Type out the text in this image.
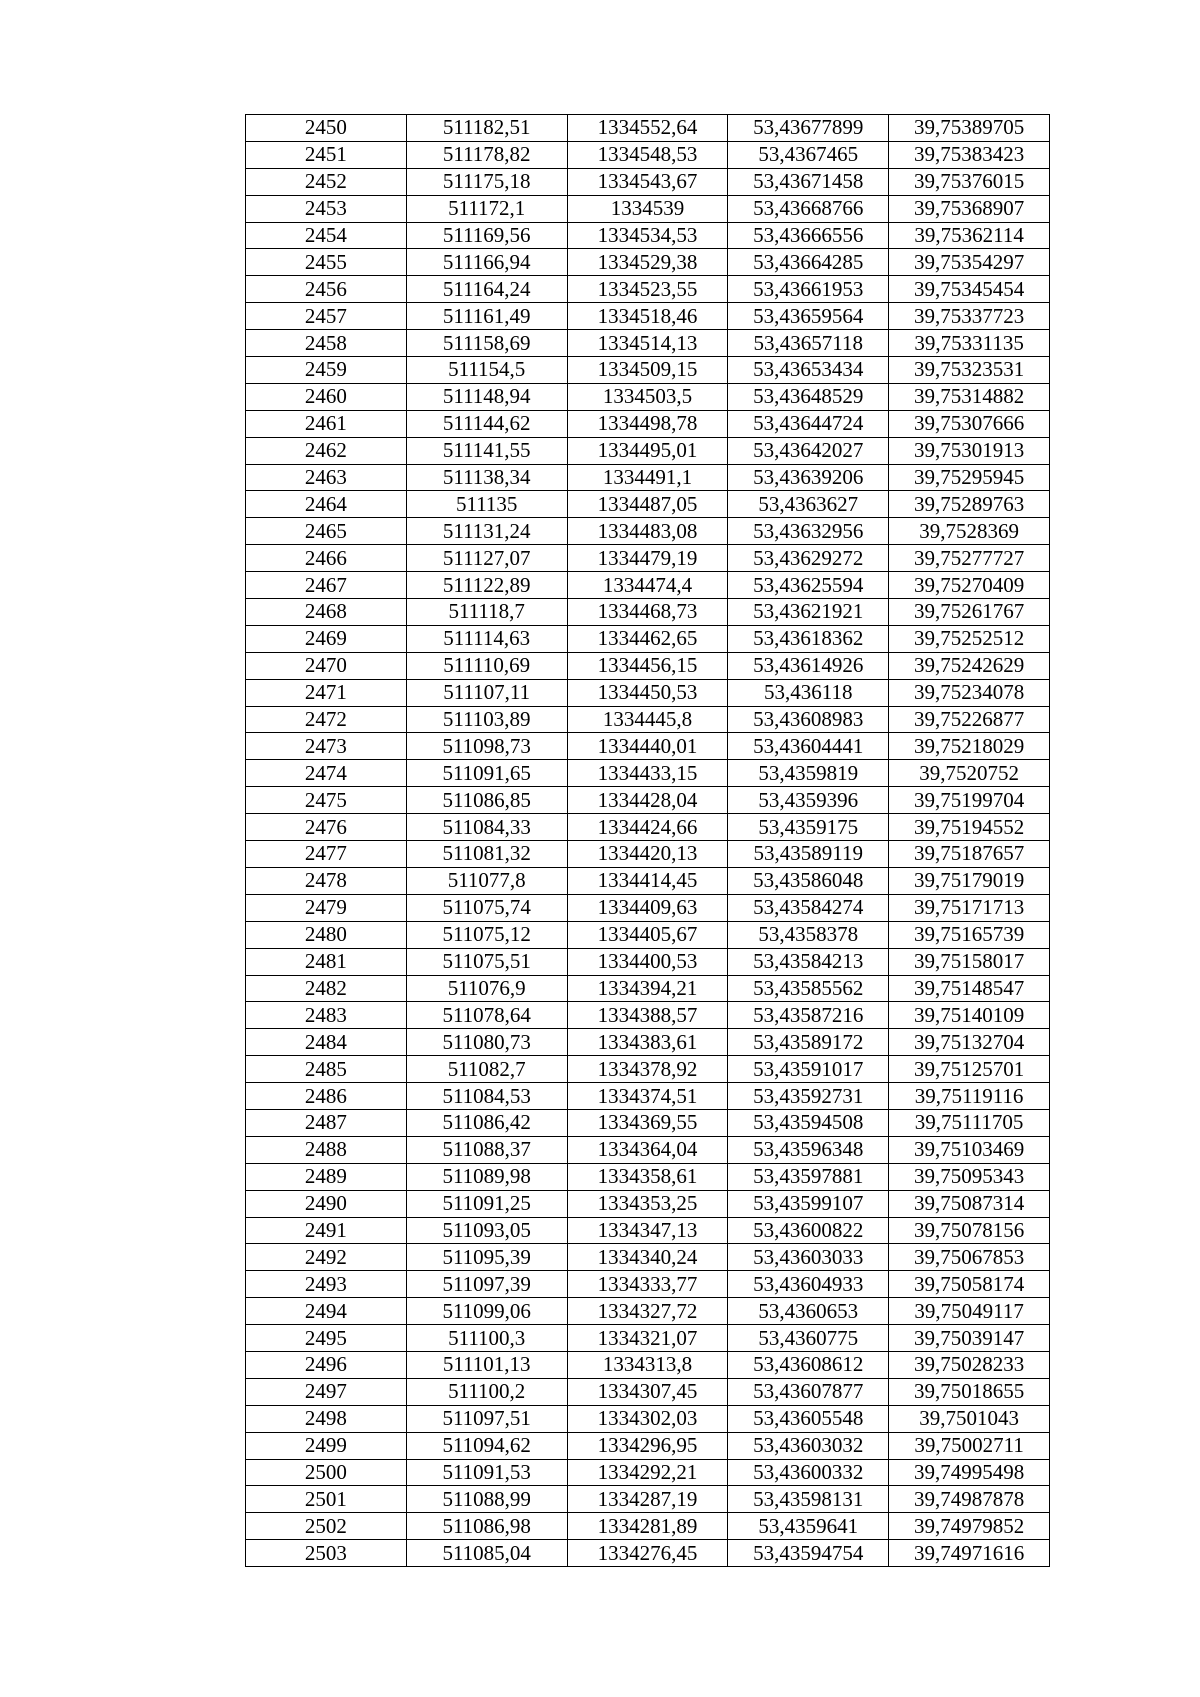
2450	511182,51	1334552,64	53,43677899	39,75389705
2451	511178,82	1334548,53	53,4367465	39,75383423
2452	511175,18	1334543,67	53,43671458	39,75376015
2453	511172,1	1334539	53,43668766	39,75368907
2454	511169,56	1334534,53	53,43666556	39,75362114
2455	511166,94	1334529,38	53,43664285	39,75354297
2456	511164,24	1334523,55	53,43661953	39,75345454
2457	511161,49	1334518,46	53,43659564	39,75337723
2458	511158,69	1334514,13	53,43657118	39,75331135
2459	511154,5	1334509,15	53,43653434	39,75323531
2460	511148,94	1334503,5	53,43648529	39,75314882
2461	511144,62	1334498,78	53,43644724	39,75307666
2462	511141,55	1334495,01	53,43642027	39,75301913
2463	511138,34	1334491,1	53,43639206	39,75295945
2464	511135	1334487,05	53,4363627	39,75289763
2465	511131,24	1334483,08	53,43632956	39,7528369
2466	511127,07	1334479,19	53,43629272	39,75277727
2467	511122,89	1334474,4	53,43625594	39,75270409
2468	511118,7	1334468,73	53,43621921	39,75261767
2469	511114,63	1334462,65	53,43618362	39,75252512
2470	511110,69	1334456,15	53,43614926	39,75242629
2471	511107,11	1334450,53	53,436118	39,75234078
2472	511103,89	1334445,8	53,43608983	39,75226877
2473	511098,73	1334440,01	53,43604441	39,75218029
2474	511091,65	1334433,15	53,4359819	39,7520752
2475	511086,85	1334428,04	53,4359396	39,75199704
2476	511084,33	1334424,66	53,4359175	39,75194552
2477	511081,32	1334420,13	53,43589119	39,75187657
2478	511077,8	1334414,45	53,43586048	39,75179019
2479	511075,74	1334409,63	53,43584274	39,75171713
2480	511075,12	1334405,67	53,4358378	39,75165739
2481	511075,51	1334400,53	53,43584213	39,75158017
2482	511076,9	1334394,21	53,43585562	39,75148547
2483	511078,64	1334388,57	53,43587216	39,75140109
2484	511080,73	1334383,61	53,43589172	39,75132704
2485	511082,7	1334378,92	53,43591017	39,75125701
2486	511084,53	1334374,51	53,43592731	39,75119116
2487	511086,42	1334369,55	53,43594508	39,75111705
2488	511088,37	1334364,04	53,43596348	39,75103469
2489	511089,98	1334358,61	53,43597881	39,75095343
2490	511091,25	1334353,25	53,43599107	39,75087314
2491	511093,05	1334347,13	53,43600822	39,75078156
2492	511095,39	1334340,24	53,43603033	39,75067853
2493	511097,39	1334333,77	53,43604933	39,75058174
2494	511099,06	1334327,72	53,4360653	39,75049117
2495	511100,3	1334321,07	53,4360775	39,75039147
2496	511101,13	1334313,8	53,43608612	39,75028233
2497	511100,2	1334307,45	53,43607877	39,75018655
2498	511097,51	1334302,03	53,43605548	39,7501043
2499	511094,62	1334296,95	53,43603032	39,75002711
2500	511091,53	1334292,21	53,43600332	39,74995498
2501	511088,99	1334287,19	53,43598131	39,74987878
2502	511086,98	1334281,89	53,4359641	39,74979852
2503	511085,04	1334276,45	53,43594754	39,74971616
